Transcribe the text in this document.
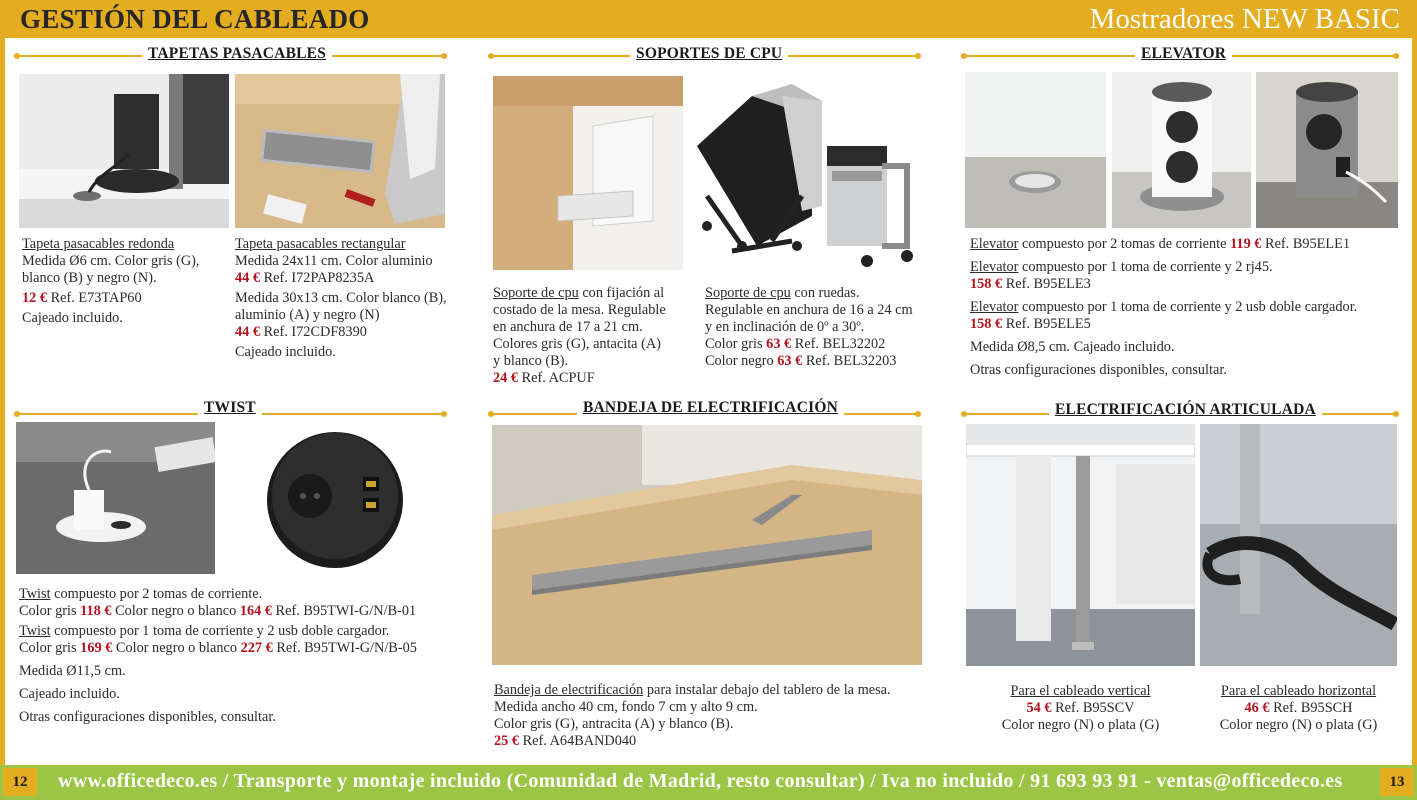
GESTIÓN DEL CABLEADO	Mostradores NEW BASIC
TAPETAS PASACABLES

Tapeta pasacables redonda
Medida Ø6 cm. Color gris (G),
blanco (B) y negro (N).

12 € Ref. E73TAP60

Cajeado incluido.

Tapeta pasacables rectangular
Medida 24x11 cm. Color aluminio
44 € Ref. I72PAP8235A

Medida 30x13 cm. Color blanco (B),
aluminio (A) y negro (N)
44 € Ref. I72CDF8390

Cajeado incluido.

SOPORTES DE CPU

Soporte de cpu con fijación al
costado de la mesa. Regulable
en anchura de 17 a 21 cm.
Colores gris (G), antacita (A)
y blanco (B).
24 € Ref. ACPUF

Soporte de cpu con ruedas.
Regulable en anchura de 16 a 24 cm
y en inclinación de 0º a 30º.
Color gris 63 € Ref. BEL32202
Color negro 63 € Ref. BEL32203

ELEVATOR

Elevator compuesto por 2 tomas de corriente 119 € Ref. B95ELE1

Elevator compuesto por 1 toma de corriente y 2 rj45.
158 € Ref. B95ELE3

Elevator compuesto por 1 toma de corriente y 2 usb doble cargador.
158 € Ref. B95ELE5

Medida Ø8,5 cm. Cajeado incluido.

Otras configuraciones disponibles, consultar.

TWIST

Twist compuesto por 2 tomas de corriente.
Color gris 118 € Color negro o blanco 164 € Ref. B95TWI-G/N/B-01

Twist compuesto por 1 toma de corriente y 2 usb doble cargador.
Color gris 169 € Color negro o blanco 227 € Ref. B95TWI-G/N/B-05

Medida Ø11,5 cm.

Cajeado incluido.

Otras configuraciones disponibles, consultar.

BANDEJA DE ELECTRIFICACIÓN

Bandeja de electrificación para instalar debajo del tablero de la mesa.
Medida ancho 40 cm, fondo 7 cm y alto 9 cm.
Color gris (G), antracita (A) y blanco (B).
25 € Ref. A64BAND040

ELECTRIFICACIÓN ARTICULADA

Para el cableado vertical
54 € Ref. B95SCV
Color negro (N) o plata (G)

Para el cableado horizontal
46 € Ref. B95SCH
Color negro (N) o plata (G)

www.officedeco.es / Transporte y montaje incluido (Comunidad de Madrid, resto consultar) / Iva no incluido / 91 693 93 91 - ventas@officedeco.es
12	13
